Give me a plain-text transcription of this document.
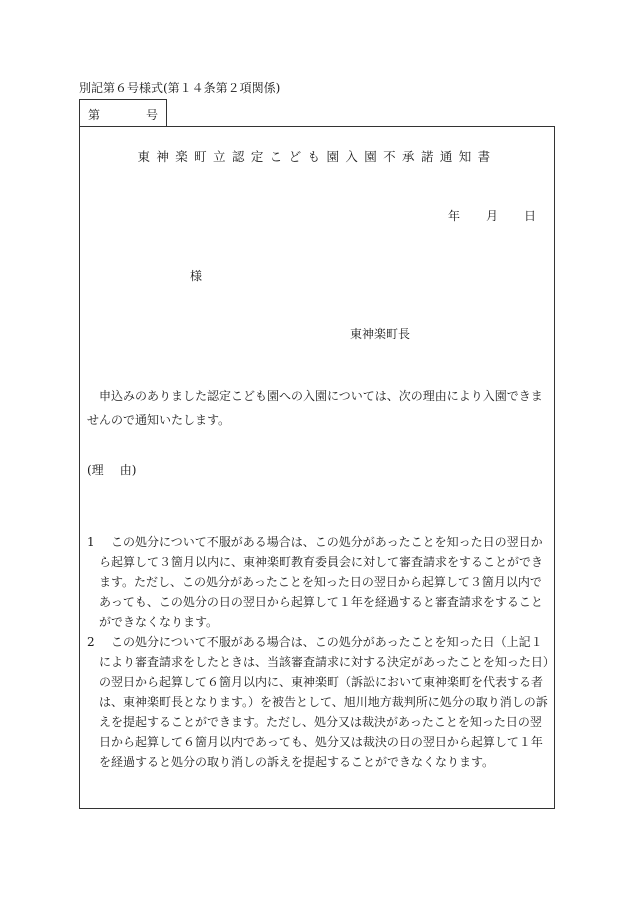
別記第６号様式(第１４条第２項関係)
第	号
東神楽町立認定こども園入園不承諾通知書
年 月 日
様
東神楽町長
申込みのありました認定こども園への入園については、次の理由により入園できませんので通知いたします。
(理 由)

1 この処分について不服がある場合は、この処分があったことを知った日の翌日から起算して３箇月以内に、東神楽町教育委員会に対して審査請求をすることができます。ただし、この処分があったことを知った日の翌日から起算して３箇月以内であっても、この処分の日の翌日から起算して１年を経過すると審査請求をすることができなくなります。

2 この処分について不服がある場合は、この処分があったことを知った日（上記１により審査請求をしたときは、当該審査請求に対する決定があったことを知った日）の翌日から起算して６箇月以内に、東神楽町（訴訟において東神楽町を代表する者は、東神楽町長となります。）を被告として、旭川地方裁判所に処分の取り消しの訴えを提起することができます。ただし、処分又は裁決があったことを知った日の翌日から起算して６箇月以内であっても、処分又は裁決の日の翌日から起算して１年を経過すると処分の取り消しの訴えを提起することができなくなります。
